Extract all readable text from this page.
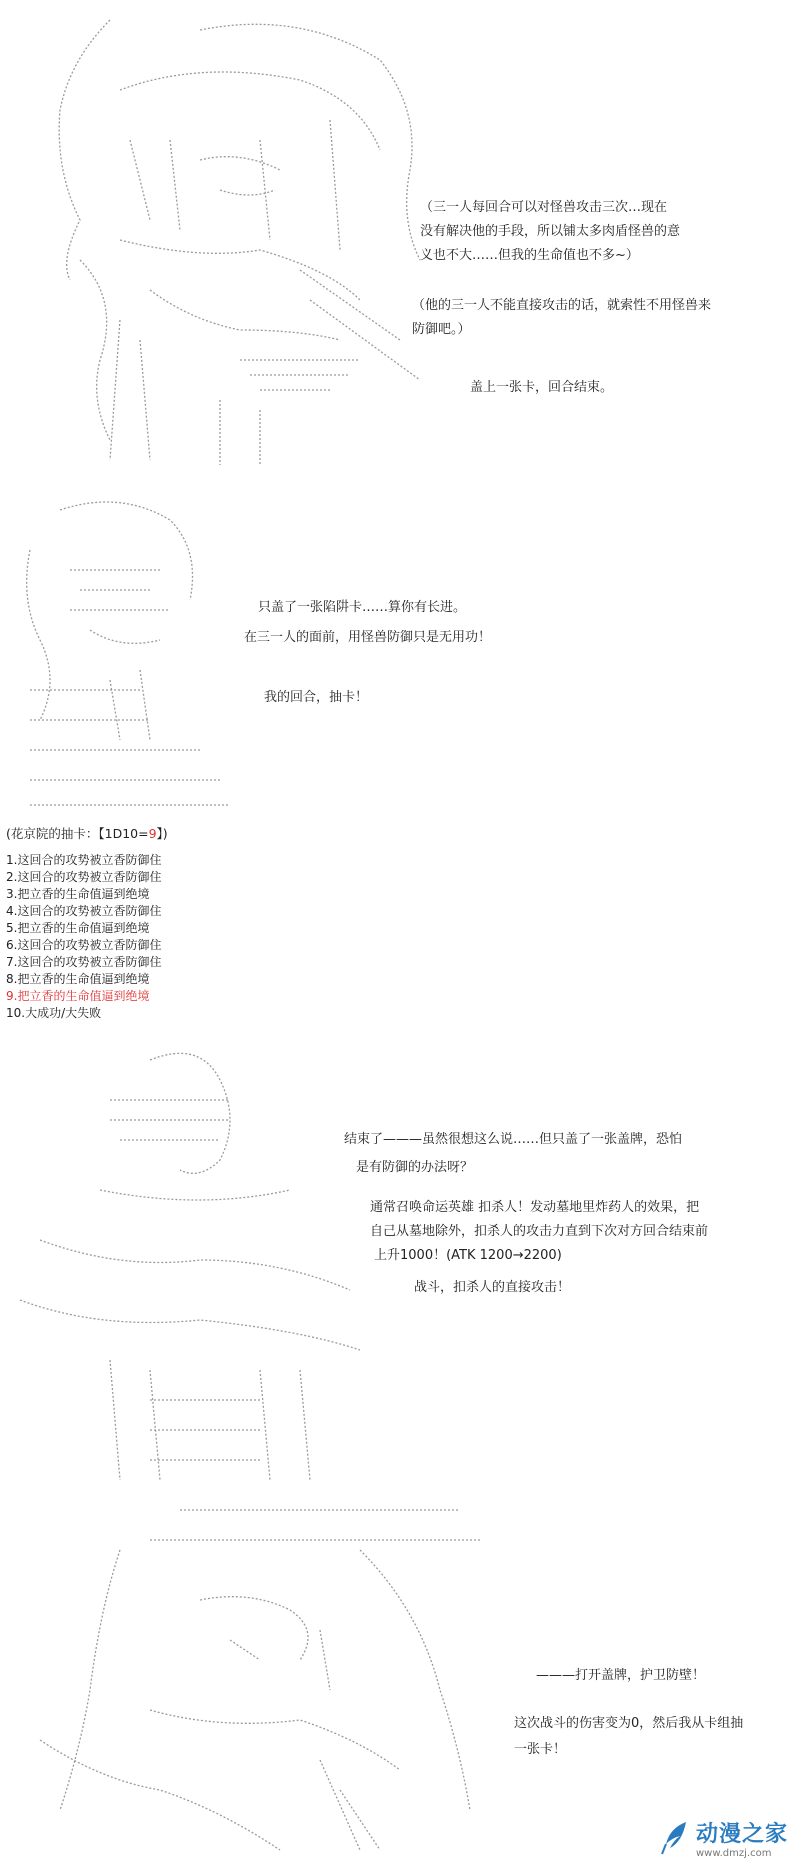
（三一人每回合可以对怪兽攻击三次…现在
没有解决他的手段，所以铺太多肉盾怪兽的意
义也不大……但我的生命值也不多~）
（他的三一人不能直接攻击的话，就索性不用怪兽来
防御吧。）
盖上一张卡，回合结束。
只盖了一张陷阱卡……算你有长进。
在三一人的面前，用怪兽防御只是无用功！
我的回合，抽卡！
(花京院的抽卡：【1D10=9】)
1.这回合的攻势被立香防御住
2.这回合的攻势被立香防御住
3.把立香的生命值逼到绝境
4.这回合的攻势被立香防御住
5.把立香的生命值逼到绝境
6.这回合的攻势被立香防御住
7.这回合的攻势被立香防御住
8.把立香的生命值逼到绝境
9.把立香的生命值逼到绝境
10.大成功/大失败
结束了———虽然很想这么说……但只盖了一张盖牌，恐怕
是有防御的办法呀？
通常召唤命运英雄 扣杀人！发动墓地里炸药人的效果，把
自己从墓地除外，扣杀人的攻击力直到下次对方回合结束前
上升1000！(ATK 1200→2200)
战斗，扣杀人的直接攻击！
———打开盖牌，护卫防壁！
这次战斗的伤害变为0，然后我从卡组抽
一张卡！
动漫之家
www.dmzj.com
